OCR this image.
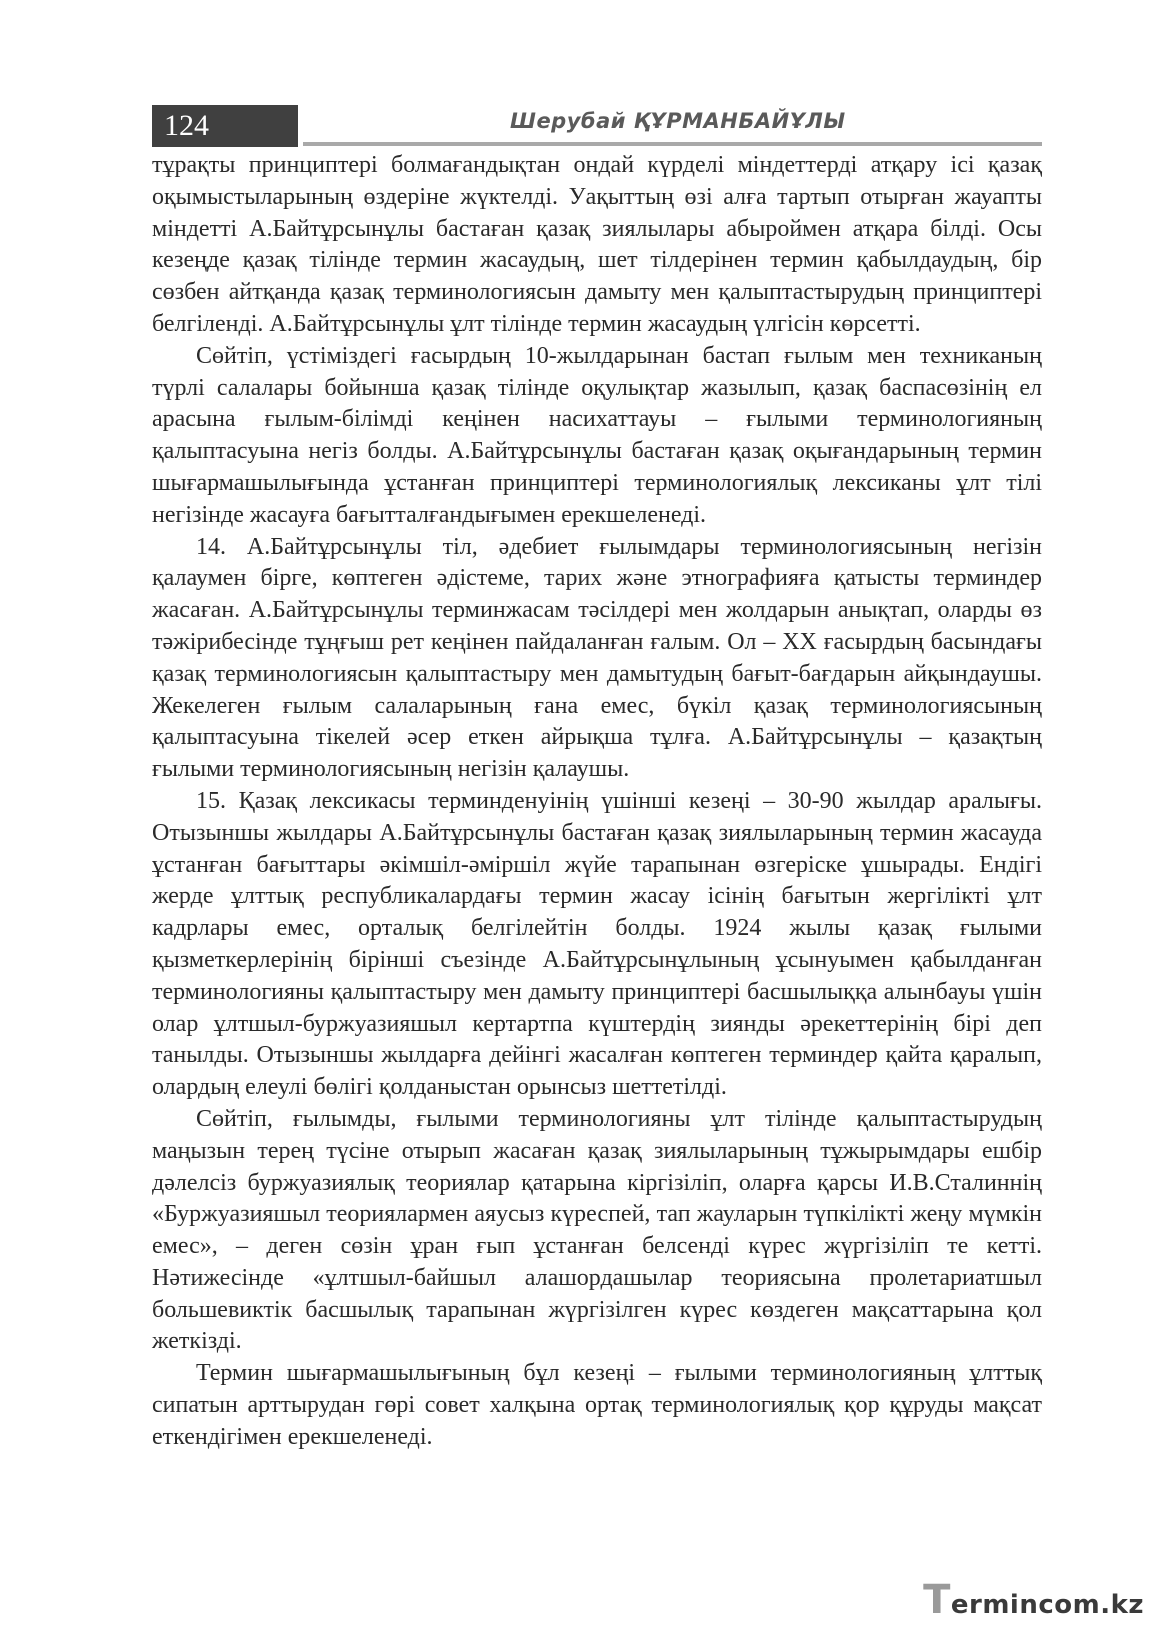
124	Шерубай ҚҰРМАНБАЙҰЛЫ

тұрақты принциптері болмағандықтан ондай күрделі міндеттерді атқару ісі қазақ оқымыстыларының өздеріне жүктелді. Уақыттың өзі алға тартып отырған жауапты міндетті А.Байтұрсынұлы бастаған қазақ зиялылары абыроймен атқара білді. Осы кезеңде қазақ тілінде термин жасаудың, шет тілдерінен термин қабылдаудың, бір сөзбен айтқанда қазақ терминологиясын дамыту мен қалыптастырудың принциптері белгіленді. А.Байтұрсынұлы ұлт тілінде термин жасаудың үлгісін көрсетті.

Сөйтіп, үстіміздегі ғасырдың 10-жылдарынан бастап ғылым мен техниканың түрлі салалары бойынша қазақ тілінде оқулықтар жазылып, қазақ баспасөзінің ел арасына ғылым-білімді кеңінен насихаттауы – ғылыми терминологияның қалыптасуына негіз болды. А.Байтұрсынұлы бастаған қазақ оқығандарының термин шығармашылығында ұстанған принциптері терминологиялық лексиканы ұлт тілі негізінде жасауға бағытталғандығымен ерекшеленеді.

14. А.Байтұрсынұлы тіл, әдебиет ғылымдары терминологиясының негізін қалаумен бірге, көптеген әдістеме, тарих және этнографияға қатысты терминдер жасаған. А.Байтұрсынұлы терминжасам тәсілдері мен жолдарын анықтап, оларды өз тәжірибесінде тұңғыш рет кеңінен пайдаланған ғалым. Ол – XX ғасырдың басындағы қазақ терминологиясын қалыптастыру мен дамытудың бағыт-бағдарын айқындаушы. Жекелеген ғылым салаларының ғана емес, бүкіл қазақ терминологиясының қалыптасуына тікелей әсер еткен айрықша тұлға. А.Байтұрсынұлы – қазақтың ғылыми терминологиясының негізін қалаушы.

15. Қазақ лексикасы терминденуінің үшінші кезеңі – 30-90 жылдар аралығы. Отызыншы жылдары А.Байтұрсынұлы бастаған қазақ зиялыларының термин жасауда ұстанған бағыттары әкімшіл-әміршіл жүйе тарапынан өзгеріске ұшырады. Ендігі жерде ұлттық республикалардағы термин жасау ісінің бағытын жергілікті ұлт кадрлары емес, орталық белгілейтін болды. 1924 жылы қазақ ғылыми қызметкерлерінің бірінші съезінде А.Байтұрсынұлының ұсынуымен қабылданған терминологияны қалыптастыру мен дамыту принциптері басшылыққа алынбауы үшін олар ұлтшыл-буржуазияшыл кертартпа күштердің зиянды әрекеттерінің бірі деп танылды. Отызыншы жылдарға дейінгі жасалған көптеген терминдер қайта қаралып, олардың елеулі бөлігі қолданыстан орынсыз шеттетілді.

Сөйтіп, ғылымды, ғылыми терминологияны ұлт тілінде қалыптастырудың маңызын терең түсіне отырып жасаған қазақ зиялыларының тұжырымдары ешбір дәлелсіз буржуазиялық теориялар қатарына кіргізіліп, оларға қарсы И.В.Сталиннің «Буржуазияшыл теориялармен аяусыз күреспей, тап жауларын түпкілікті жеңу мүмкін емес», – деген сөзін ұран ғып ұстанған белсенді күрес жүргізіліп те кетті. Нәтижесінде «ұлтшыл-байшыл алашордашылар теориясына пролетариатшыл большевиктік басшылық тарапынан жүргізілген күрес көздеген мақсаттарына қол жеткізді.

Термин шығармашылығының бұл кезеңі – ғылыми терминологияның ұлттық сипатын арттырудан гөрі совет халқына ортақ терминологиялық қор құруды мақсат еткендігімен ерекшеленеді.

Termincom.kz
